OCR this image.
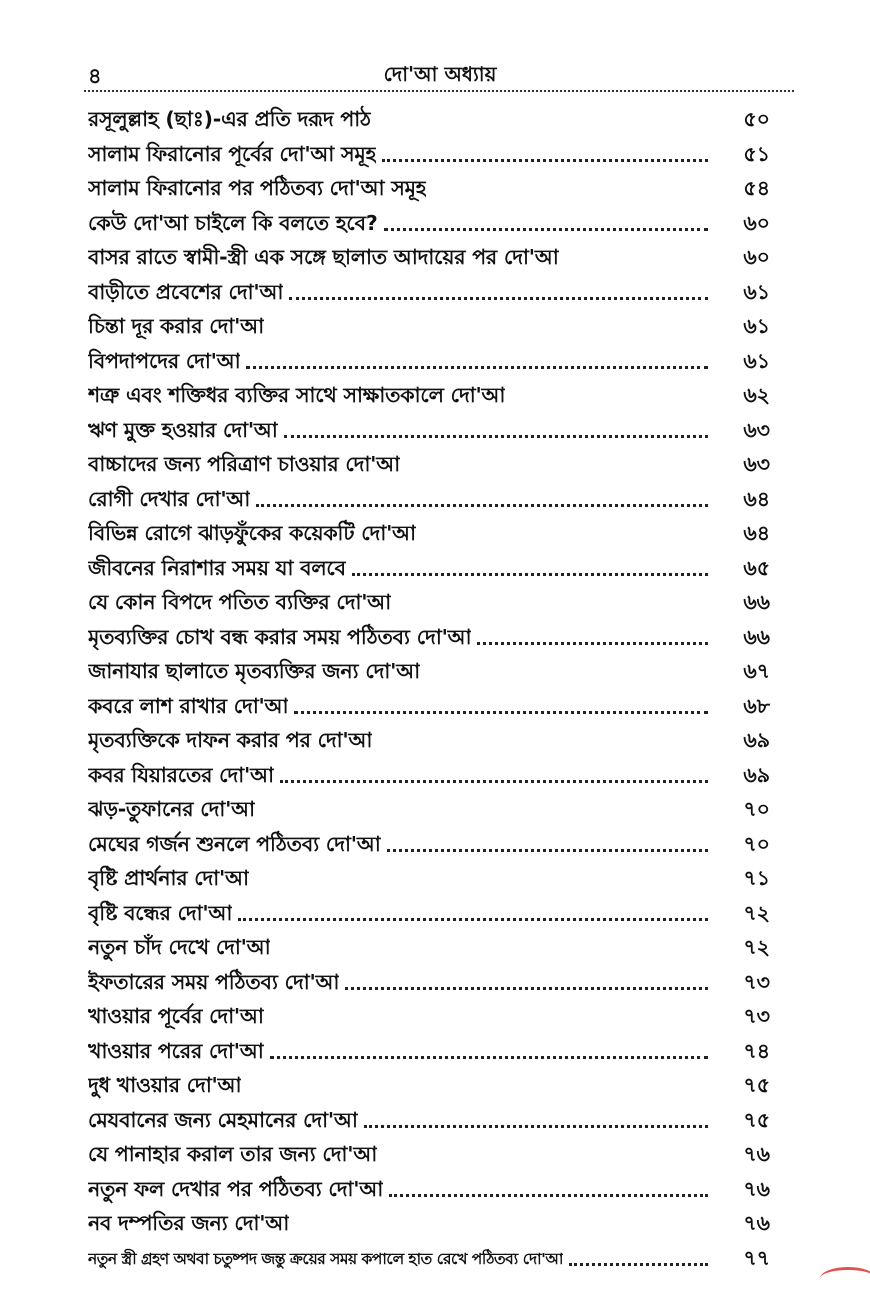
৪	দো'আ অধ্যায়
রসূলুল্লাহ (ছাঃ)-এর প্রতি দরূদ পাঠ	৫০
সালাম ফিরানোর পূর্বের দো'আ সমূহ	৫১
সালাম ফিরানোর পর পঠিতব্য দো'আ সমূহ	৫৪
কেউ দো'আ চাইলে কি বলতে হবে?	৬০
বাসর রাতে স্বামী-স্ত্রী এক সঙ্গে ছালাত আদায়ের পর দো'আ	৬০
বাড়ীতে প্রবেশের দো'আ	৬১
চিন্তা দূর করার দো'আ	৬১
বিপদাপদের দো'আ	৬১
শত্রু এবং শক্তিধর ব্যক্তির সাথে সাক্ষাতকালে দো'আ	৬২
ঋণ মুক্ত হওয়ার দো'আ	৬৩
বাচ্চাদের জন্য পরিত্রাণ চাওয়ার দো'আ	৬৩
রোগী দেখার দো'আ	৬৪
বিভিন্ন রোগে ঝাড়ফুঁকের কয়েকটি দো'আ	৬৪
জীবনের নিরাশার সময় যা বলবে	৬৫
যে কোন বিপদে পতিত ব্যক্তির দো'আ	৬৬
মৃতব্যক্তির চোখ বন্ধ করার সময় পঠিতব্য দো'আ	৬৬
জানাযার ছালাতে মৃতব্যক্তির জন্য দো'আ	৬৭
কবরে লাশ রাখার দো'আ	৬৮
মৃতব্যক্তিকে দাফন করার পর দো'আ	৬৯
কবর যিয়ারতের দো'আ	৬৯
ঝড়-তুফানের দো'আ	৭০
মেঘের গর্জন শুনলে পঠিতব্য দো'আ	৭০
বৃষ্টি প্রার্থনার দো'আ	৭১
বৃষ্টি বন্ধের দো'আ	৭২
নতুন চাঁদ দেখে দো'আ	৭২
ইফতারের সময় পঠিতব্য দো'আ	৭৩
খাওয়ার পূর্বের দো'আ	৭৩
খাওয়ার পরের দো'আ	৭৪
দুধ খাওয়ার দো'আ	৭৫
মেযবানের জন্য মেহমানের দো'আ	৭৫
যে পানাহার করাল তার জন্য দো'আ	৭৬
নতুন ফল দেখার পর পঠিতব্য দো'আ	৭৬
নব দম্পতির জন্য দো'আ	৭৬
নতুন স্ত্রী গ্রহণ অথবা চতুষ্পদ জন্তু ক্রয়ের সময় কপালে হাত রেখে পঠিতব্য দো'আ	৭৭
